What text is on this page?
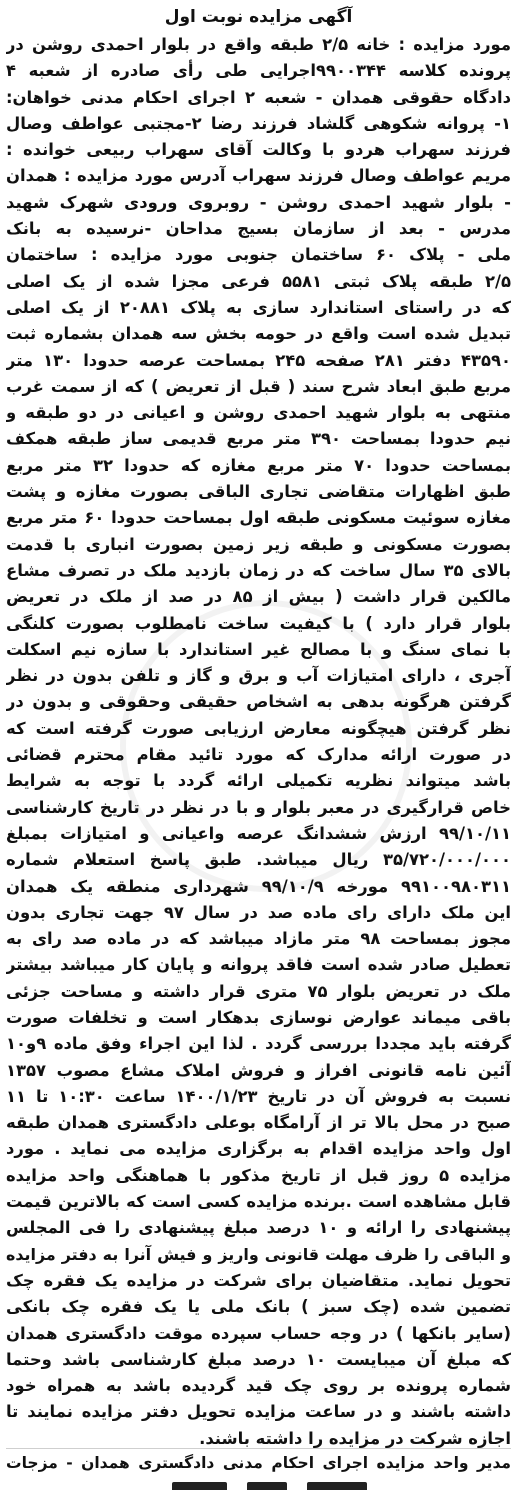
آگهی مزایده نوبت اول
مورد مزایده : خانه ۲/۵ طبقه واقع در بلوار احمدی روشن در
پرونده کلاسه ۹۹۰۰۳۴۴اجرایی طی رأی صادره از شعبه ۴
دادگاه حقوقی همدان - شعبه ۲ اجرای احکام مدنی خواهان:
۱- پروانه شکوهی گلشاد فرزند رضا ۲-مجتبی عواطف وصال
فرزند سهراب هردو با وکالت آقای سهراب ربیعی خوانده :
مریم عواطف وصال فرزند سهراب آدرس مورد مزایده : همدان
- بلوار شهید احمدی روشن - روبروی ورودی شهرک شهید
مدرس - بعد از سازمان بسیج مداحان -نرسیده به بانک
ملی - پلاک ۶۰ ساختمان جنوبی مورد مزایده : ساختمان
۲/۵ طبقه پلاک ثبتی ۵۵۸۱ فرعی مجزا شده از یک اصلی
که در راستای استاندارد سازی به پلاک ۲۰۸۸۱ از یک اصلی
تبدیل شده است واقع در حومه بخش سه همدان بشماره ثبت
۴۳۵۹۰ دفتر ۲۸۱ صفحه ۲۴۵ بمساحت عرصه حدودا ۱۳۰ متر
مربع طبق ابعاد شرح سند ( قبل از تعریض ) که از سمت غرب
منتهی به بلوار شهید احمدی روشن و اعیانی در دو طبقه و
نیم حدودا بمساحت ۳۹۰ متر مربع قدیمی ساز طبقه همکف
بمساحت حدودا ۷۰ متر مربع مغازه که حدودا ۳۲ متر مربع
طبق اظهارات متقاضی تجاری الباقی بصورت مغازه و پشت
مغازه سوئیت مسکونی طبقه اول بمساحت حدودا ۶۰ متر مربع
بصورت مسکونی و طبقه زیر زمین بصورت انباری با قدمت
بالای ۳۵ سال ساخت که در زمان بازدید ملک در تصرف مشاع
مالکین قرار داشت ( بیش از ۸۵ در صد از ملک در تعریض
بلوار قرار دارد ) با کیفیت ساخت نامطلوب بصورت کلنگی
با نمای سنگ و با مصالح غیر استاندارد با سازه نیم اسکلت
آجری ، دارای امتیازات آب و برق و گاز و تلفن بدون در نظر
گرفتن هرگونه بدهی به اشخاص حقیقی وحقوقی و بدون در
نظر گرفتن هیچگونه معارض ارزیابی صورت گرفته است که
در صورت ارائه مدارک که مورد تائید مقام محترم قضائی
باشد میتواند نظریه تکمیلی ارائه گردد با توجه به شرایط
خاص قرارگیری در معبر بلوار و با در نظر در تاریخ کارشناسی
۹۹/۱۰/۱۱ ارزش ششدانگ عرصه واعیانی و امتیازات بمبلغ
۳۵/۷۲۰/۰۰۰/۰۰۰ ریال میباشد. طبق پاسخ استعلام شماره
۹۹۱۰۰۹۸۰۳۱۱ مورخه ۹۹/۱۰/۹ شهرداری منطقه یک همدان
این ملک دارای رای ماده صد در سال ۹۷ جهت تجاری بدون
مجوز بمساحت ۹۸ متر مازاد میباشد که در ماده صد رای به
تعطیل صادر شده است فاقد پروانه و پایان کار میباشد بیشتر
ملک در تعریض بلوار ۷۵ متری قرار داشته و مساحت جزئی
باقی میماند عوارض نوسازی بدهکار است و تخلفات صورت
گرفته باید مجددا بررسی گردد . لذا این اجراء وفق ماده ۹و۱۰
آئین نامه قانونی افراز و فروش املاک مشاع مصوب ۱۳۵۷
نسبت به فروش آن در تاریخ ۱۴۰۰/۱/۲۳ ساعت ۱۰:۳۰ تا ۱۱
صبح در محل بالا تر از آرامگاه بوعلی دادگستری همدان طبقه
اول واحد مزایده اقدام به برگزاری مزایده می نماید . مورد
مزایده ۵ روز قبل از تاریخ مذکور با هماهنگی واحد مزایده
قابل مشاهده است .برنده مزایده کسی است که بالاترین قیمت
پیشنهادی را ارائه و ۱۰ درصد مبلغ پیشنهادی را فی المجلس
و الباقی را ظرف مهلت قانونی واریز و فیش آنرا به دفتر مزایده
تحویل نماید. متقاضیان برای شرکت در مزایده یک فقره چک
تضمین شده (چک سبز ) بانک ملی یا یک فقره چک بانکی
(سایر بانکها ) در وجه حساب سپرده موقت دادگستری همدان
که مبلغ آن میبایست ۱۰ درصد مبلغ کارشناسی باشد وحتما
شماره پرونده بر روی چک قید گردیده باشد به همراه خود
داشته باشند و در ساعت مزایده تحویل دفتر مزایده نمایند تا
اجازه شرکت در مزایده را داشته باشند.
مدیر واحد مزایده اجرای احکام مدنی دادگستری همدان - مزجات
